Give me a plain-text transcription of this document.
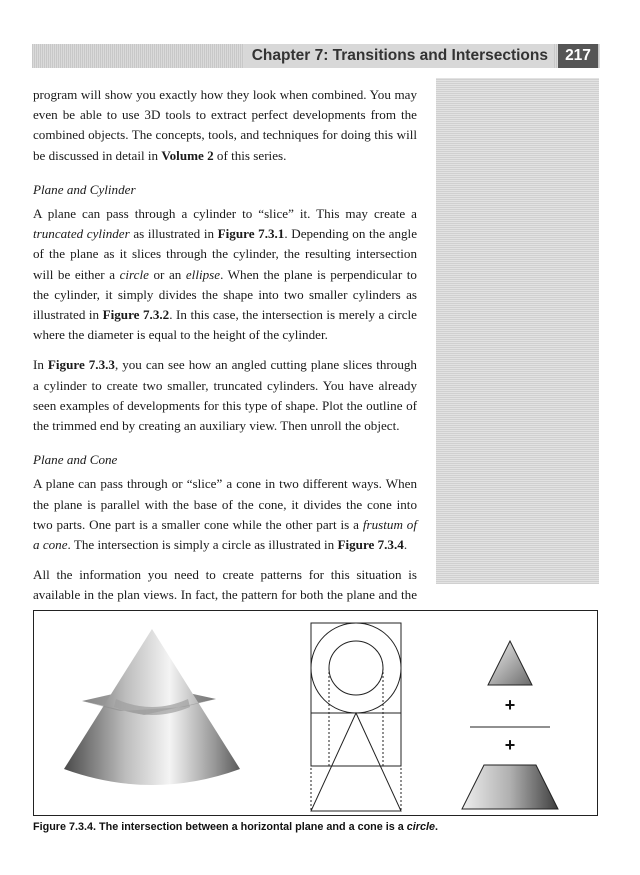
Chapter 7: Transitions and Intersections	217

program will show you exactly how they look when combined. You may even be able to use 3D tools to extract perfect developments from the combined objects. The concepts, tools, and techniques for doing this will be discussed in detail in Volume 2 of this series.

Plane and Cylinder

A plane can pass through a cylinder to “slice” it. This may create a truncated cylinder as illustrated in Figure 7.3.1. Depending on the angle of the plane as it slices through the cylinder, the resulting intersection will be either a circle or an ellipse. When the plane is perpendicular to the cylinder, it simply divides the shape into two smaller cylinders as illustrated in Figure 7.3.2. In this case, the intersection is merely a circle where the diameter is equal to the height of the cylinder.

In Figure 7.3.3, you can see how an angled cutting plane slices through a cylinder to create two smaller, truncated cylinders. You have already seen examples of developments for this type of shape. Plot the outline of the trimmed end by creating an auxiliary view. Then unroll the object.

Plane and Cone

A plane can pass through or “slice” a cone in two different ways. When the plane is parallel with the base of the cone, it divides the cone into two parts. One part is a smaller cone while the other part is a frustum of a cone. The intersection is simply a circle as illustrated in Figure 7.3.4.

All the information you need to create patterns for this situation is available in the plan views. In fact, the pattern for both the plane and the

+
+
Figure 7.3.4. The intersection between a horizontal plane and a cone is a circle.
